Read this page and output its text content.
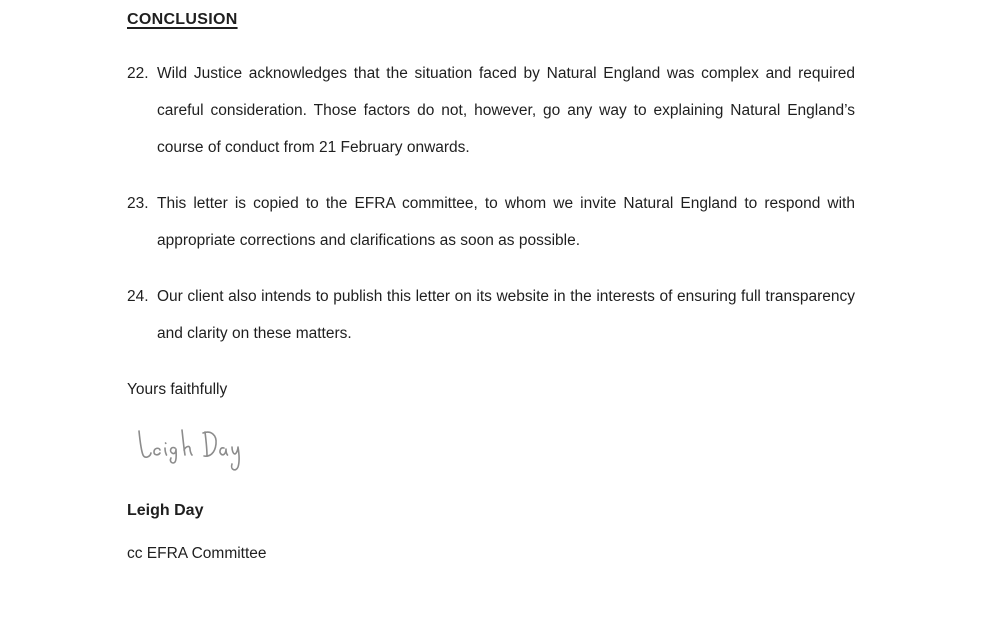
CONCLUSION
22. Wild Justice acknowledges that the situation faced by Natural England was complex and required careful consideration. Those factors do not, however, go any way to explaining Natural England’s course of conduct from 21 February onwards.
23. This letter is copied to the EFRA committee, to whom we invite Natural England to respond with appropriate corrections and clarifications as soon as possible.
24. Our client also intends to publish this letter on its website in the interests of ensuring full transparency and clarity on these matters.

Yours faithfully

Leigh Day

cc EFRA Committee
